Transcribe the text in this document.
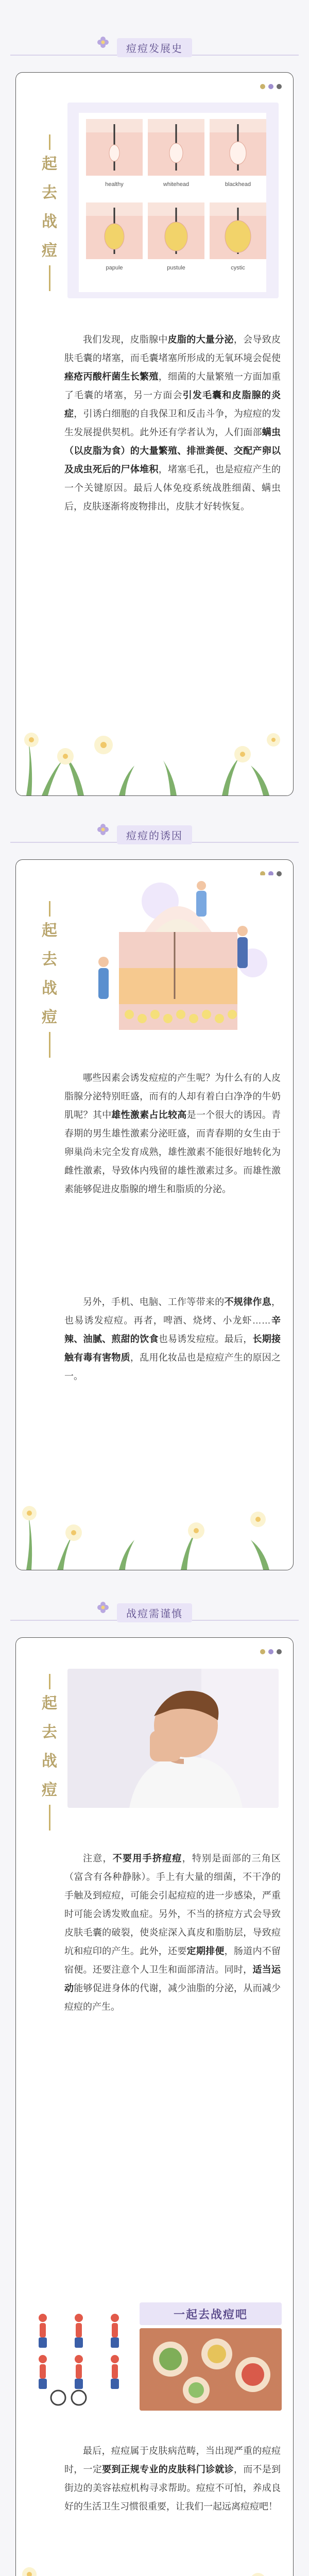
痘痘发展史
起
去
战
痘
healthy	whitehead	blackhead
papule	pustule	cystic
我们发现，皮脂腺中皮脂的大量分泌，会导致皮肤毛囊的堵塞，而毛囊堵塞所形成的无氧环境会促使痤疮丙酸杆菌生长繁殖，细菌的大量繁殖一方面加重了毛囊的堵塞，另一方面会引发毛囊和皮脂腺的炎症，引诱白细胞的自我保卫和反击斗争，为痘痘的发生发展提供契机。此外还有学者认为，人们面部螨虫（以皮脂为食）的大量繁殖、排泄粪便、交配产卵以及成虫死后的尸体堆积，堵塞毛孔，也是痘痘产生的一个关键原因。最后人体免疫系统战胜细菌、螨虫后，皮肤逐渐将废物排出，皮肤才好转恢复。
痘痘的诱因
起
去
战
痘
哪些因素会诱发痘痘的产生呢？为什么有的人皮脂腺分泌特别旺盛，而有的人却有着白白净净的牛奶肌呢？其中雄性激素占比较高是一个很大的诱因。青春期的男生雄性激素分泌旺盛，而青春期的女生由于卵巢尚未完全发育成熟，雄性激素不能很好地转化为雌性激素，导致体内残留的雄性激素过多。而雄性激素能够促进皮脂腺的增生和脂质的分泌。
另外，手机、电脑、工作等带来的不规律作息，也易诱发痘痘。再者，啤酒、烧烤、小龙虾……辛辣、油腻、煎甜的饮食也易诱发痘痘。最后，长期接触有毒有害物质，乱用化妆品也是痘痘产生的原因之一。
战痘需谨慎
起
去
战
痘
注意，不要用手挤痘痘，特别是面部的三角区（富含有各种静脉）。手上有大量的细菌，不干净的手触及到痘痘，可能会引起痘痘的进一步感染，严重时可能会诱发败血症。另外，不当的挤痘方式会导致皮肤毛囊的破裂，使炎症深入真皮和脂肪层，导致痘坑和痘印的产生。此外，还要定期排便，肠道内不留宿便。还要注意个人卫生和面部清洁。同时，适当运动能够促进身体的代谢，减少油脂的分泌，从而减少痘痘的产生。
一起去战痘吧
最后，痘痘属于皮肤病范畴，当出现严重的痘痘时，一定要到正规专业的皮肤科门诊就诊，而不是到街边的美容祛痘机构寻求帮助。痘痘不可怕，养成良好的生活卫生习惯很重要，让我们一起远离痘痘吧！
